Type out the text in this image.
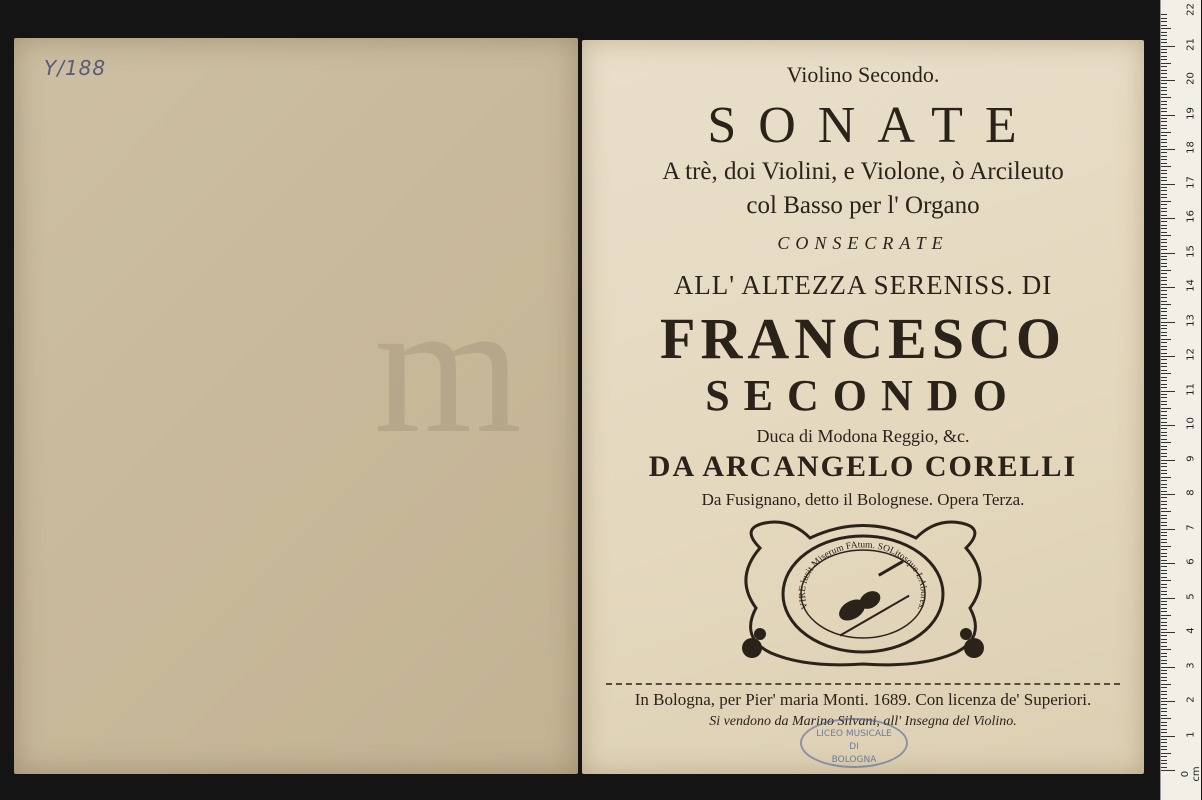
Y/188
m
Violino Secondo.
SONATE
A trè, doi Violini, e Violone, ò Arcileuto
col Basso per l' Organo
CONSECRATE
ALL' ALTEZZA SERENISS. DI
FRANCESCO
SECONDO
Duca di Modona Reggio, &c.
DA ARCANGELO CORELLI
Da Fusignano, detto il Bolognese. Opera Terza.
VIRE lusit Miserum FAtum. SOLitosque LAbores.
In Bologna, per Pier' maria Monti. 1689. Con licenza de' Superiori.
Si vendono da Marino Silvani, all' Insegna del Violino.
LICEO MUSICALE
DI
BOLOGNA
0 cm
1
2
3
4
5
6
7
8
9
10
11
12
13
14
15
16
17
18
19
20
21
22
